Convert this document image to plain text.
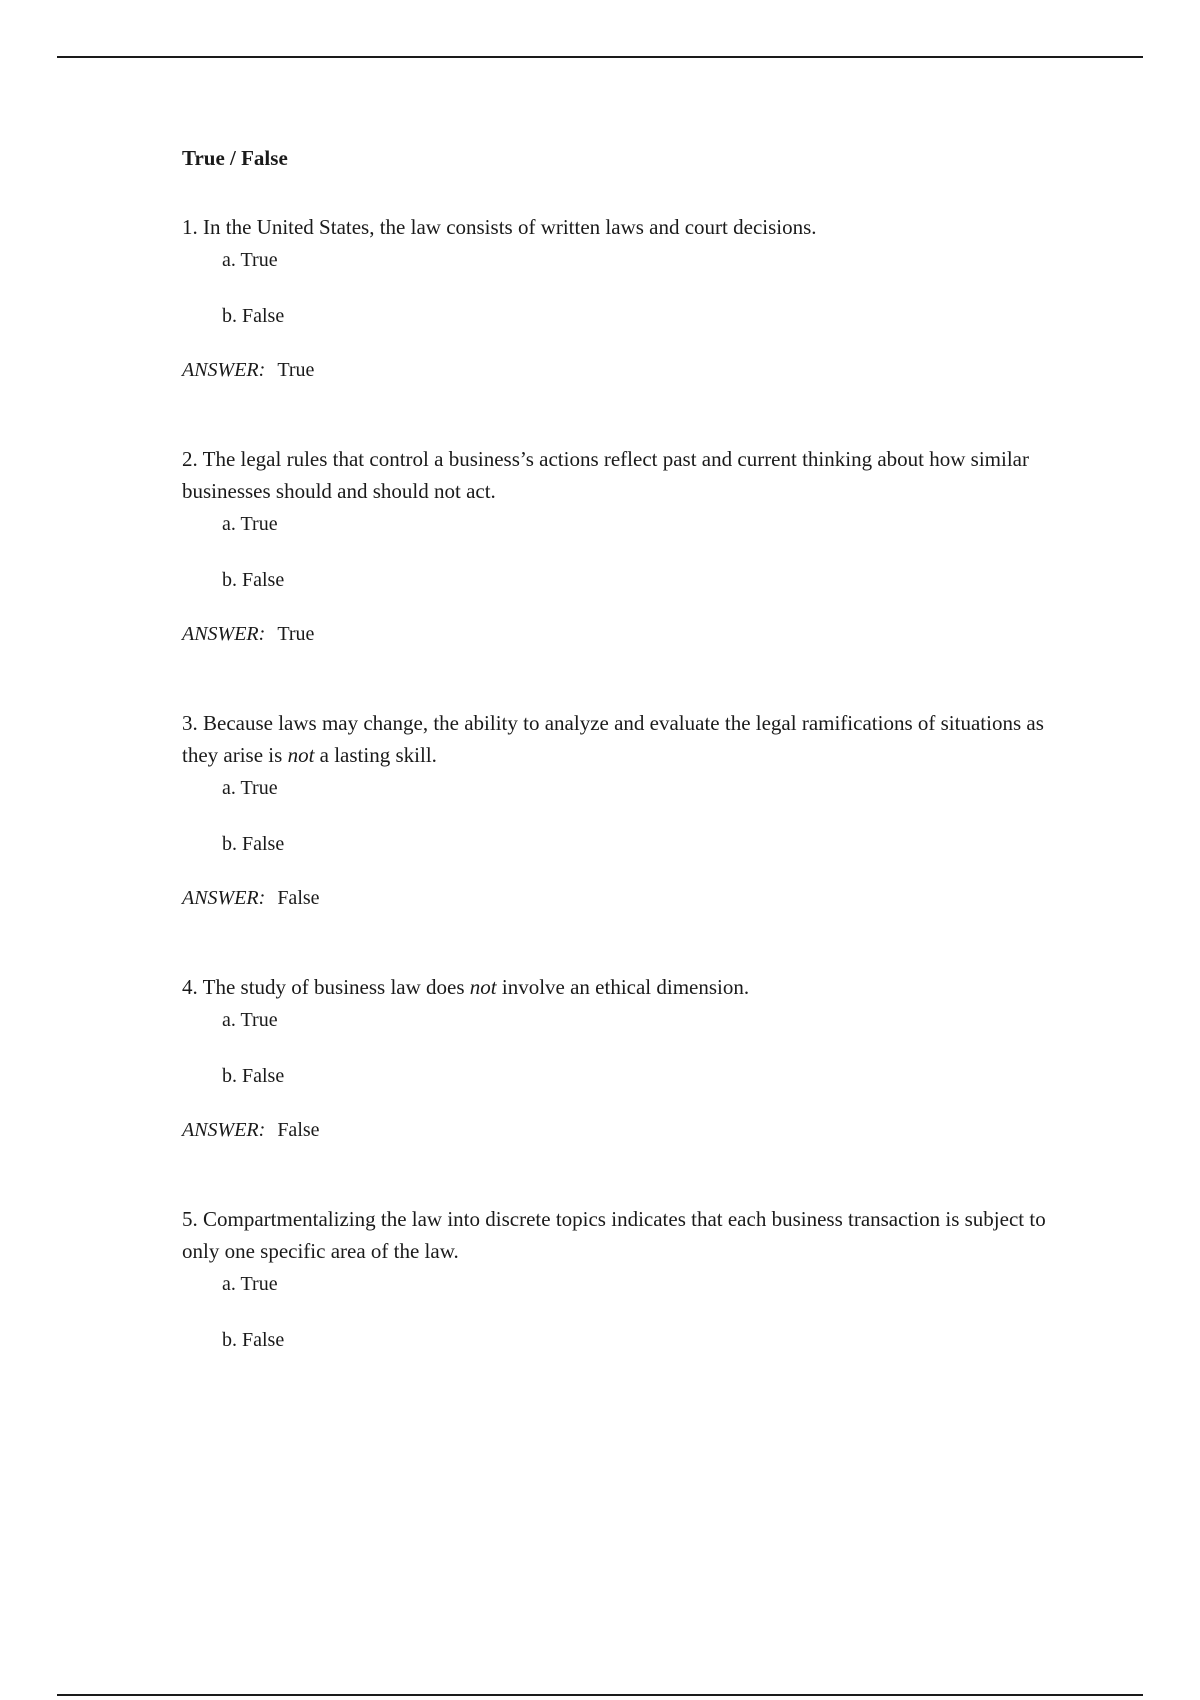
True / False
1. In the United States, the law consists of written laws and court decisions.
a. True
b. False
ANSWER: True
2. The legal rules that control a business’s actions reflect past and current thinking about how similar businesses should and should not act.
a. True
b. False
ANSWER: True
3. Because laws may change, the ability to analyze and evaluate the legal ramifications of situations as they arise is not a lasting skill.
a. True
b. False
ANSWER: False
4. The study of business law does not involve an ethical dimension.
a. True
b. False
ANSWER: False
5. Compartmentalizing the law into discrete topics indicates that each business transaction is subject to only one specific area of the law.
a. True
b. False
